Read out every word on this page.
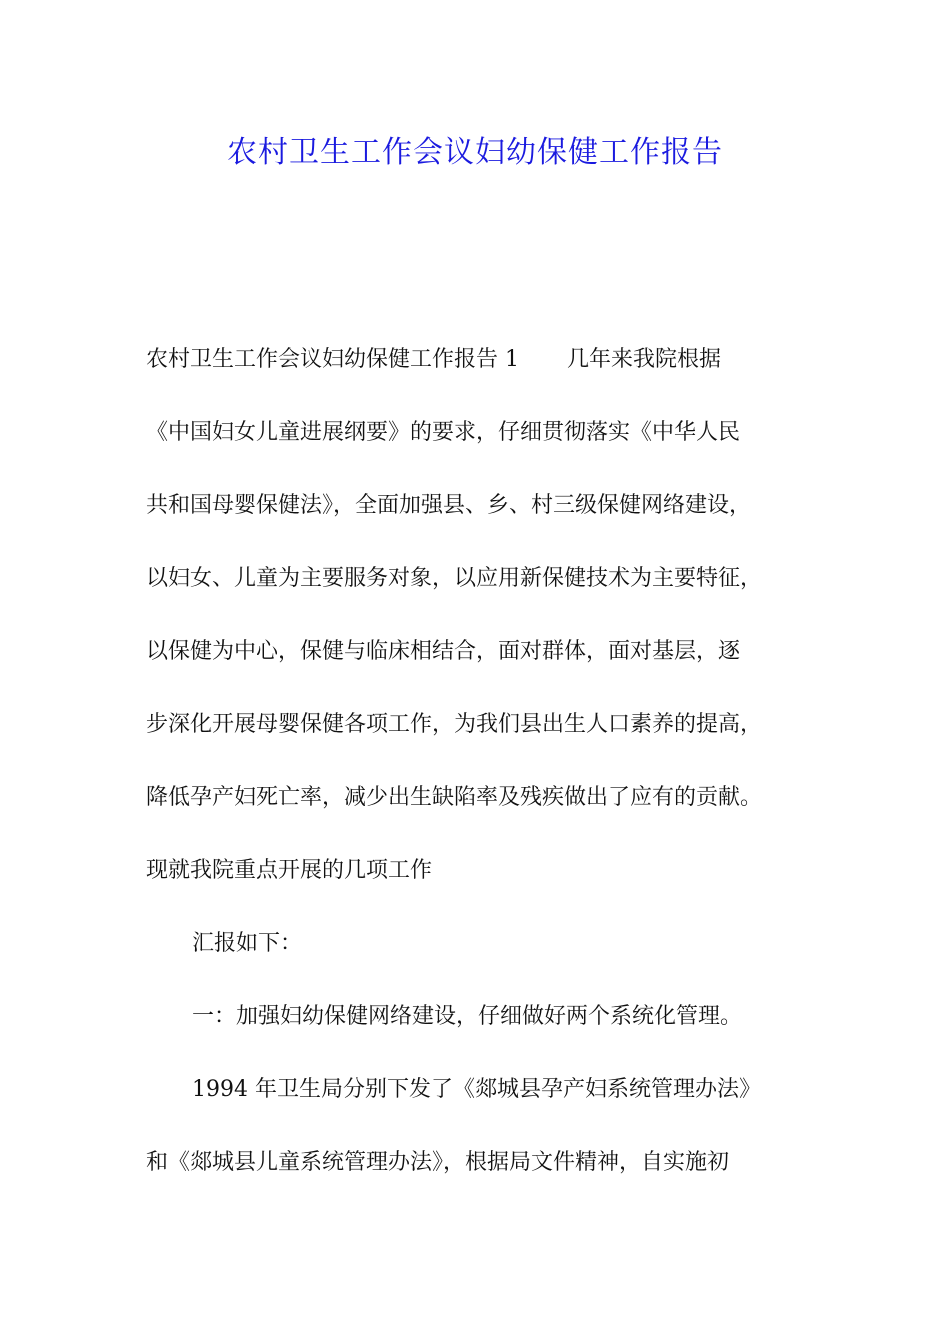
农村卫生工作会议妇幼保健工作报告
农村卫生工作会议妇幼保健工作报告 1 几年来我院根据
《中国妇女儿童进展纲要》的要求，仔细贯彻落实《中华人民
共和国母婴保健法》，全面加强县、乡、村三级保健网络建设，
以妇女、儿童为主要服务对象，以应用新保健技术为主要特征，
以保健为中心，保健与临床相结合，面对群体，面对基层，逐
步深化开展母婴保健各项工作，为我们县出生人口素养的提高，
降低孕产妇死亡率，减少出生缺陷率及残疾做出了应有的贡献。
现就我院重点开展的几项工作
汇报如下：
一：加强妇幼保健网络建设，仔细做好两个系统化管理。
1994 年卫生局分别下发了《郯城县孕产妇系统管理办法》
和《郯城县儿童系统管理办法》，根据局文件精神，自实施初
